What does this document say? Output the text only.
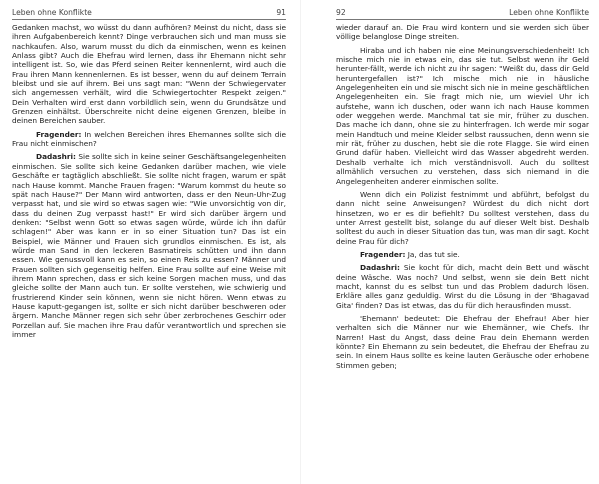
Leben ohne Konflikte	91

Gedanken machst, wo wüsst du dann aufhören? Meinst du nicht, dass sie ihren Aufgabenbereich kennt? Dinge verbrauchen sich und man muss sie nachkaufen. Also, warum musst du dich da einmischen, wenn es keinen Anlass gibt? Auch die Ehefrau wird lernen, dass ihr Ehemann nicht sehr intelligent ist. So, wie das Pferd seinen Reiter kennenlernt, wird auch die Frau ihren Mann kennenlernen. Es ist besser, wenn du auf deinem Terrain bleibst und sie auf ihrem. Bei uns sagt man: "Wenn der Schwiegervater sich angemessen verhält, wird die Schwiegertochter Respekt zeigen." Dein Verhalten wird erst dann vorbildlich sein, wenn du Grundsätze und Grenzen einhältst. Überschreite nicht deine eigenen Grenzen, bleibe in deinen Bereichen sauber.

Fragender: In welchen Bereichen ihres Ehemannes sollte sich die Frau nicht einmischen?

Dadashri: Sie sollte sich in keine seiner Geschäftsangelegenheiten einmischen. Sie sollte sich keine Gedanken darüber machen, wie viele Geschäfte er tagtäglich abschließt. Sie sollte nicht fragen, warum er spät nach Hause kommt. Manche Frauen fragen: "Warum kommst du heute so spät nach Hause?" Der Mann wird antworten, dass er den Neun-Uhr-Zug verpasst hat, und sie wird so etwas sagen wie: "Wie unvorsichtig von dir, dass du deinen Zug verpasst hast!" Er wird sich darüber ärgern und denken: "Selbst wenn Gott so etwas sagen würde, würde ich ihn dafür schlagen!" Aber was kann er in so einer Situation tun? Das ist ein Beispiel, wie Männer und Frauen sich grundlos einmischen. Es ist, als würde man Sand in den leckeren Basmatireis schütten und ihn dann essen. Wie genussvoll kann es sein, so einen Reis zu essen? Männer und Frauen sollten sich gegenseitig helfen. Eine Frau sollte auf eine Weise mit ihrem Mann sprechen, dass er sich keine Sorgen machen muss, und das gleiche sollte der Mann auch tun. Er sollte verstehen, wie schwierig und frustrierend Kinder sein können, wenn sie nicht hören. Wenn etwas zu Hause kaputt-gegangen ist, sollte er sich nicht darüber beschweren oder ärgern. Manche Männer regen sich sehr über zerbrochenes Geschirr oder Porzellan auf. Sie machen ihre Frau dafür verantwortlich und sprechen sie immer

92	Leben ohne Konflikte

wieder darauf an. Die Frau wird kontern und sie werden sich über völlige belanglose Dinge streiten.

Hiraba und ich haben nie eine Meinungsverschiedenheit! Ich mische mich nie in etwas ein, das sie tut. Selbst wenn ihr Geld herunter-fällt, werde ich nicht zu ihr sagen: "Weißt du, dass dir Geld heruntergefallen ist?" Ich mische mich nie in häusliche Angelegenheiten ein und sie mischt sich nie in meine geschäftlichen Angelegenheiten ein. Sie fragt mich nie, um wieviel Uhr ich aufstehe, wann ich duschen, oder wann ich nach Hause kommen oder weggehen werde. Manchmal tat sie mir, früher zu duschen. Das mache ich dann, ohne sie zu hinterfragen. Ich werde mir sogar mein Handtuch und meine Kleider selbst raussuchen, denn wenn sie mir rät, früher zu duschen, hebt sie die rote Flagge. Sie wird einen Grund dafür haben. Vielleicht wird das Wasser abgedreht werden. Deshalb verhalte ich mich verständnisvoll. Auch du solltest allmählich versuchen zu verstehen, dass sich niemand in die Angelegenheiten anderer einmischen sollte.

Wenn dich ein Polizist festnimmt und abführt, befolgst du dann nicht seine Anweisungen? Würdest du dich nicht dort hinsetzen, wo er es dir befiehlt? Du solltest verstehen, dass du unter Arrest gestellt bist, solange du auf dieser Welt bist. Deshalb solltest du auch in dieser Situation das tun, was man dir sagt. Kocht deine Frau für dich?

Fragender: Ja, das tut sie.

Dadashri: Sie kocht für dich, macht dein Bett und wäscht deine Wäsche. Was noch? Und selbst, wenn sie dein Bett nicht macht, kannst du es selbst tun und das Problem dadurch lösen. Erkläre alles ganz geduldig. Wirst du die Lösung in der 'Bhagavad Gita' finden? Das ist etwas, das du für dich herausfinden musst.

'Ehemann' bedeutet: Die Ehefrau der Ehefrau! Aber hier verhalten sich die Männer nur wie Ehemänner, wie Chefs. Ihr Narren! Hast du Angst, dass deine Frau dein Ehemann werden könnte? Ein Ehemann zu sein bedeutet, die Ehefrau der Ehefrau zu sein. In einem Haus sollte es keine lauten Geräusche oder erhobene Stimmen geben;
